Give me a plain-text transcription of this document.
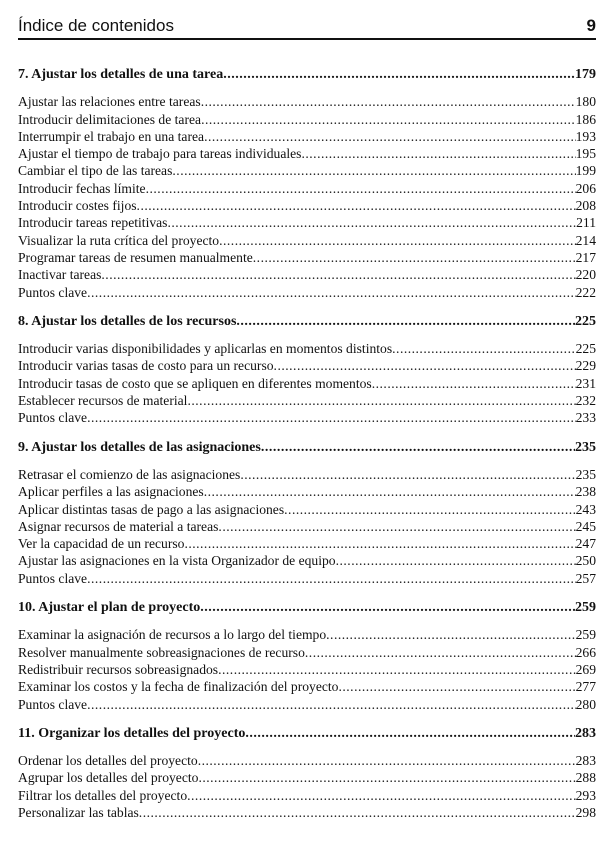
Índice de contenidos	9
7. Ajustar los detalles de una tarea .....	179
Ajustar las relaciones entre tareas .....	180
Introducir delimitaciones de tarea .....	186
Interrumpir el trabajo en una tarea .....	193
Ajustar el tiempo de trabajo para tareas individuales .....	195
Cambiar el tipo de las tareas .....	199
Introducir fechas límite .....	206
Introducir costes fijos .....	208
Introducir tareas repetitivas .....	211
Visualizar la ruta crítica del proyecto .....	214
Programar tareas de resumen manualmente .....	217
Inactivar tareas .....	220
Puntos clave .....	222
8. Ajustar los detalles de los recursos .....	225
Introducir varias disponibilidades y aplicarlas en momentos distintos .....	225
Introducir varias tasas de costo para un recurso .....	229
Introducir tasas de costo que se apliquen en diferentes momentos .....	231
Establecer recursos de material .....	232
Puntos clave .....	233
9. Ajustar los detalles de las asignaciones .....	235
Retrasar el comienzo de las asignaciones .....	235
Aplicar perfiles a las asignaciones .....	238
Aplicar distintas tasas de pago a las asignaciones .....	243
Asignar recursos de material a tareas .....	245
Ver la capacidad de un recurso .....	247
Ajustar las asignaciones en la vista Organizador de equipo .....	250
Puntos clave .....	257
10. Ajustar el plan de proyecto .....	259
Examinar la asignación de recursos a lo largo del tiempo .....	259
Resolver manualmente sobreasignaciones de recurso .....	266
Redistribuir recursos sobreasignados .....	269
Examinar los costos y la fecha de finalización del proyecto .....	277
Puntos clave .....	280
11. Organizar los detalles del proyecto .....	283
Ordenar los detalles del proyecto .....	283
Agrupar los detalles del proyecto .....	288
Filtrar los detalles del proyecto .....	293
Personalizar las tablas .....	298
